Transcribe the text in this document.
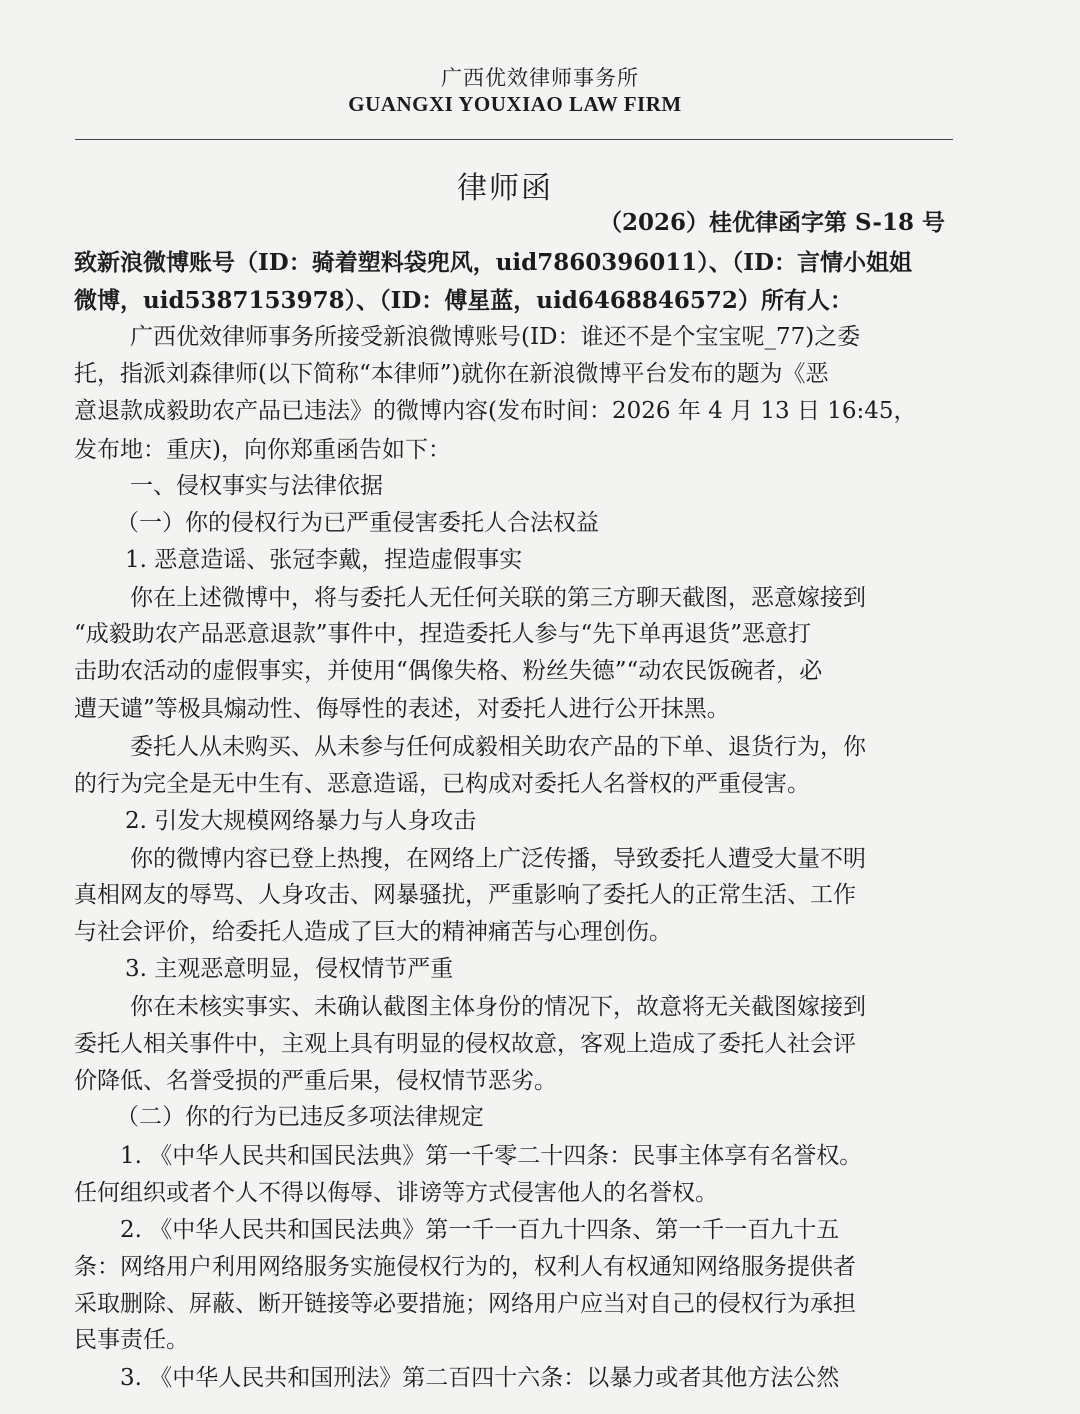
广西优效律师事务所
GUANGXI YOUXIAO LAW FIRM
律师函
（2026）桂优律函字第 S-18 号
致新浪微博账号（ID：骑着塑料袋兜风，uid7860396011）、（ID：言情小姐姐
微博，uid5387153978）、（ID：傅星蓝，uid6468846572）所有人：
广西优效律师事务所接受新浪微博账号(ID：谁还不是个宝宝呢_77)之委
托，指派刘森律师(以下简称“本律师”)就你在新浪微博平台发布的题为《恶
意退款成毅助农产品已违法》的微博内容(发布时间：2026 年 4 月 13 日 16:45，
发布地：重庆)，向你郑重函告如下：
一、侵权事实与法律依据
（一）你的侵权行为已严重侵害委托人合法权益
1. 恶意造谣、张冠李戴，捏造虚假事实
你在上述微博中，将与委托人无任何关联的第三方聊天截图，恶意嫁接到
“成毅助农产品恶意退款”事件中，捏造委托人参与“先下单再退货”恶意打
击助农活动的虚假事实，并使用“偶像失格、粉丝失德”“动农民饭碗者，必
遭天谴”等极具煽动性、侮辱性的表述，对委托人进行公开抹黑。
委托人从未购买、从未参与任何成毅相关助农产品的下单、退货行为，你
的行为完全是无中生有、恶意造谣，已构成对委托人名誉权的严重侵害。
2. 引发大规模网络暴力与人身攻击
你的微博内容已登上热搜，在网络上广泛传播，导致委托人遭受大量不明
真相网友的辱骂、人身攻击、网暴骚扰，严重影响了委托人的正常生活、工作
与社会评价，给委托人造成了巨大的精神痛苦与心理创伤。
3. 主观恶意明显，侵权情节严重
你在未核实事实、未确认截图主体身份的情况下，故意将无关截图嫁接到
委托人相关事件中，主观上具有明显的侵权故意，客观上造成了委托人社会评
价降低、名誉受损的严重后果，侵权情节恶劣。
（二）你的行为已违反多项法律规定
1. 《中华人民共和国民法典》第一千零二十四条：民事主体享有名誉权。
任何组织或者个人不得以侮辱、诽谤等方式侵害他人的名誉权。
2. 《中华人民共和国民法典》第一千一百九十四条、第一千一百九十五
条：网络用户利用网络服务实施侵权行为的，权利人有权通知网络服务提供者
采取删除、屏蔽、断开链接等必要措施；网络用户应当对自己的侵权行为承担
民事责任。
3. 《中华人民共和国刑法》第二百四十六条：以暴力或者其他方法公然
